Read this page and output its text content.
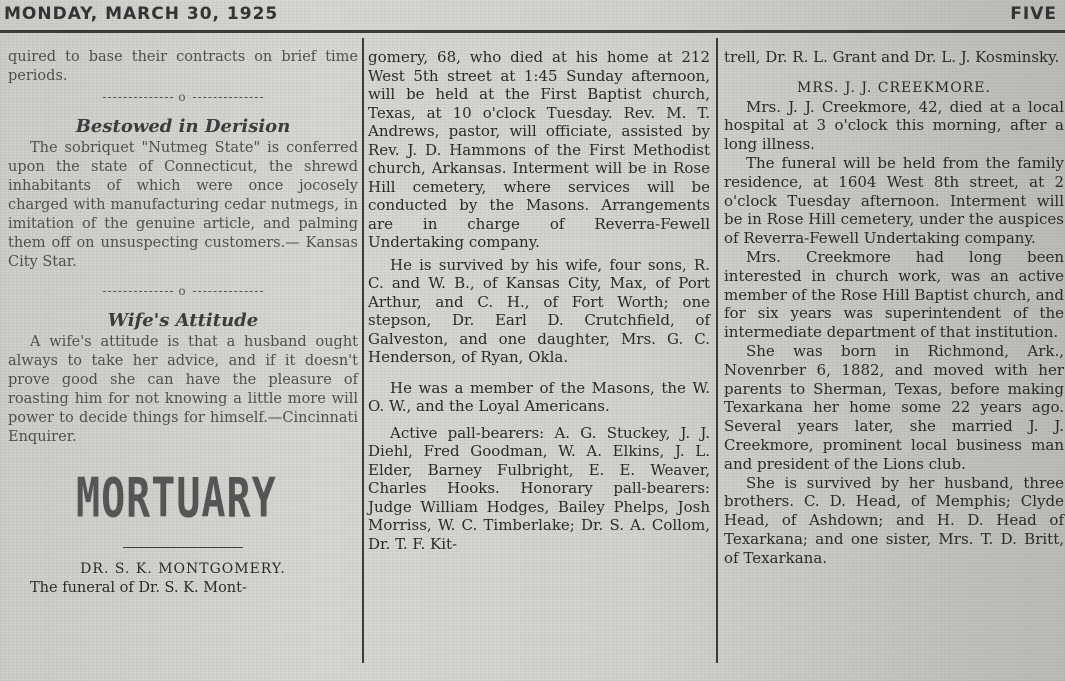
MONDAY, MARCH 30, 1925	FIVE

quired to base their contracts on brief time periods.

o
Bestowed in Derision

The sobriquet "Nutmeg State" is conferred upon the state of Connecticut, the shrewd inhabitants of which were once jocosely charged with manufacturing cedar nutmegs, in imitation of the genuine article, and palming them off on unsuspecting customers.— Kansas City Star.

o
Wife's Attitude

A wife's attitude is that a husband ought always to take her advice, and if it doesn't prove good she can have the pleasure of roasting him for not knowing a little more will power to decide things for himself.—Cincinnati Enquirer.

MORTUARY
DR. S. K. MONTGOMERY.

The funeral of Dr. S. K. Mont-

gomery, 68, who died at his home at 212 West 5th street at 1:45 Sunday afternoon, will be held at the First Baptist church, Texas, at 10 o'clock Tuesday. Rev. M. T. Andrews, pastor, will officiate, assisted by Rev. J. D. Hammons of the First Methodist church, Arkansas. Interment will be in Rose Hill cemetery, where services will be conducted by the Masons. Arrangements are in charge of Reverra-Fewell Undertaking company.

He is survived by his wife, four sons, R. C. and W. B., of Kansas City, Max, of Port Arthur, and C. H., of Fort Worth; one stepson, Dr. Earl D. Crutchfield, of Galveston, and one daughter, Mrs. G. C. Henderson, of Ryan, Okla.

He was a member of the Masons, the W. O. W., and the Loyal Americans.

Active pall-bearers: A. G. Stuckey, J. J. Diehl, Fred Goodman, W. A. Elkins, J. L. Elder, Barney Fulbright, E. E. Weaver, Charles Hooks. Honorary pall-bearers: Judge William Hodges, Bailey Phelps, Josh Morriss, W. C. Timberlake; Dr. S. A. Collom, Dr. T. F. Kit-

trell, Dr. R. L. Grant and Dr. L. J. Kosminsky.

MRS. J. J. CREEKMORE.

Mrs. J. J. Creekmore, 42, died at a local hospital at 3 o'clock this morning, after a long illness.

The funeral will be held from the family residence, at 1604 West 8th street, at 2 o'clock Tuesday afternoon. Interment will be in Rose Hill cemetery, under the auspices of Reverra-Fewell Undertaking company.

Mrs. Creekmore had long been interested in church work, was an active member of the Rose Hill Baptist church, and for six years was superintendent of the intermediate department of that institution.

She was born in Richmond, Ark., Novenrber 6, 1882, and moved with her parents to Sherman, Texas, before making Texarkana her home some 22 years ago. Several years later, she married J. J. Creekmore, prominent local business man and president of the Lions club.

She is survived by her husband, three brothers. C. D. Head, of Memphis; Clyde Head, of Ashdown; and H. D. Head of Texarkana; and one sister, Mrs. T. D. Britt, of Texarkana.
